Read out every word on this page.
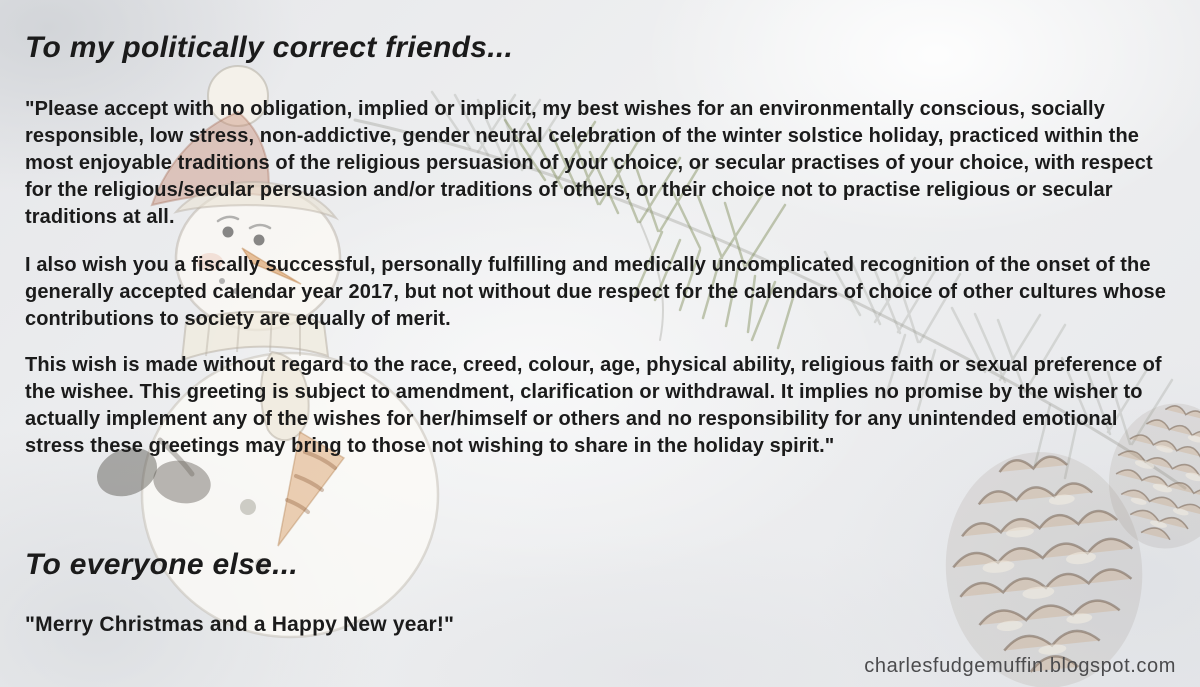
To my politically correct friends...

"Please accept with no obligation, implied or implicit, my best wishes for an environmentally conscious, socially responsible, low stress, non-addictive, gender neutral celebration of the winter solstice holiday, practiced within the most enjoyable traditions of the religious persuasion of your choice, or secular practises of your choice, with respect for the religious/secular persuasion and/or traditions of others, or their choice not to practise religious or secular traditions at all.

I also wish you a fiscally successful, personally fulfilling and medically uncomplicated recognition of the onset of the generally accepted calendar year 2017, but not without due respect for the calendars of choice of other cultures whose contributions to society are equally of merit.

This wish is made without regard to the race, creed, colour, age, physical ability, religious faith or sexual preference of the wishee. This greeting is subject to amendment, clarification or withdrawal. It implies no promise by the wisher to actually implement any of the wishes for her/himself or others and no responsibility for any unintended emotional stress these greetings may bring to those not wishing to share in the holiday spirit."

To everyone else...

"Merry Christmas and a Happy New year!"

charlesfudgemuffin.blogspot.com
